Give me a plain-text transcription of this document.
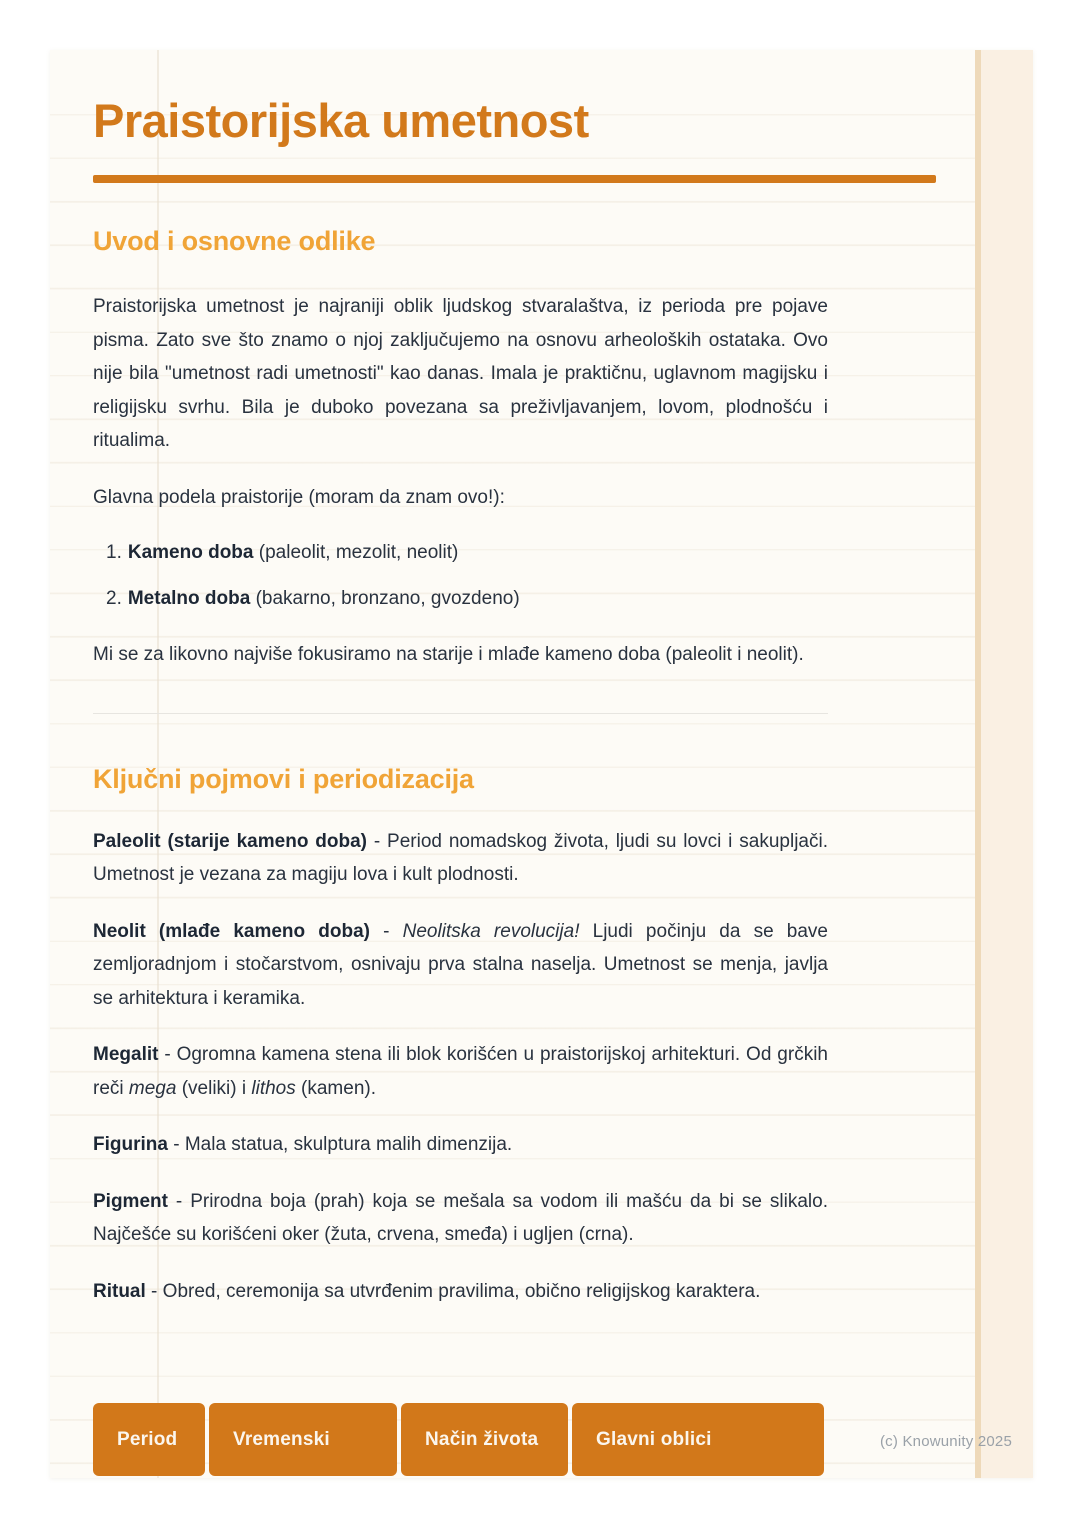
Praistorijska umetnost
Uvod i osnovne odlike

Praistorijska umetnost je najraniji oblik ljudskog stvaralaštva, iz perioda pre pojave pisma. Zato sve što znamo o njoj zaključujemo na osnovu arheoloških ostataka. Ovo nije bila "umetnost radi umetnosti" kao danas. Imala je praktičnu, uglavnom magijsku i religijsku svrhu. Bila je duboko povezana sa preživljavanjem, lovom, plodnošću i ritualima.

Glavna podela praistorije (moram da znam ovo!):

1. Kameno doba (paleolit, mezolit, neolit)
2. Metalno doba (bakarno, bronzano, gvozdeno)

Mi se za likovno najviše fokusiramo na starije i mlađe kameno doba (paleolit i neolit).

Ključni pojmovi i periodizacija

Paleolit (starije kameno doba) - Period nomadskog života, ljudi su lovci i sakupljači. Umetnost je vezana za magiju lova i kult plodnosti.

Neolit (mlađe kameno doba) - Neolitska revolucija! Ljudi počinju da se bave zemljoradnjom i stočarstvom, osnivaju prva stalna naselja. Umetnost se menja, javlja se arhitektura i keramika.

Megalit - Ogromna kamena stena ili blok korišćen u praistorijskoj arhitekturi. Od grčkih reči mega (veliki) i lithos (kamen).

Figurina - Mala statua, skulptura malih dimenzija.

Pigment - Prirodna boja (prah) koja se mešala sa vodom ili mašću da bi se slikalo. Najčešće su korišćeni oker (žuta, crvena, smeđa) i ugljen (crna).

Ritual - Obred, ceremonija sa utvrđenim pravilima, obično religijskog karaktera.

Period	Vremenski	Način života	Glavni oblici	(c) Knowunity 2025
